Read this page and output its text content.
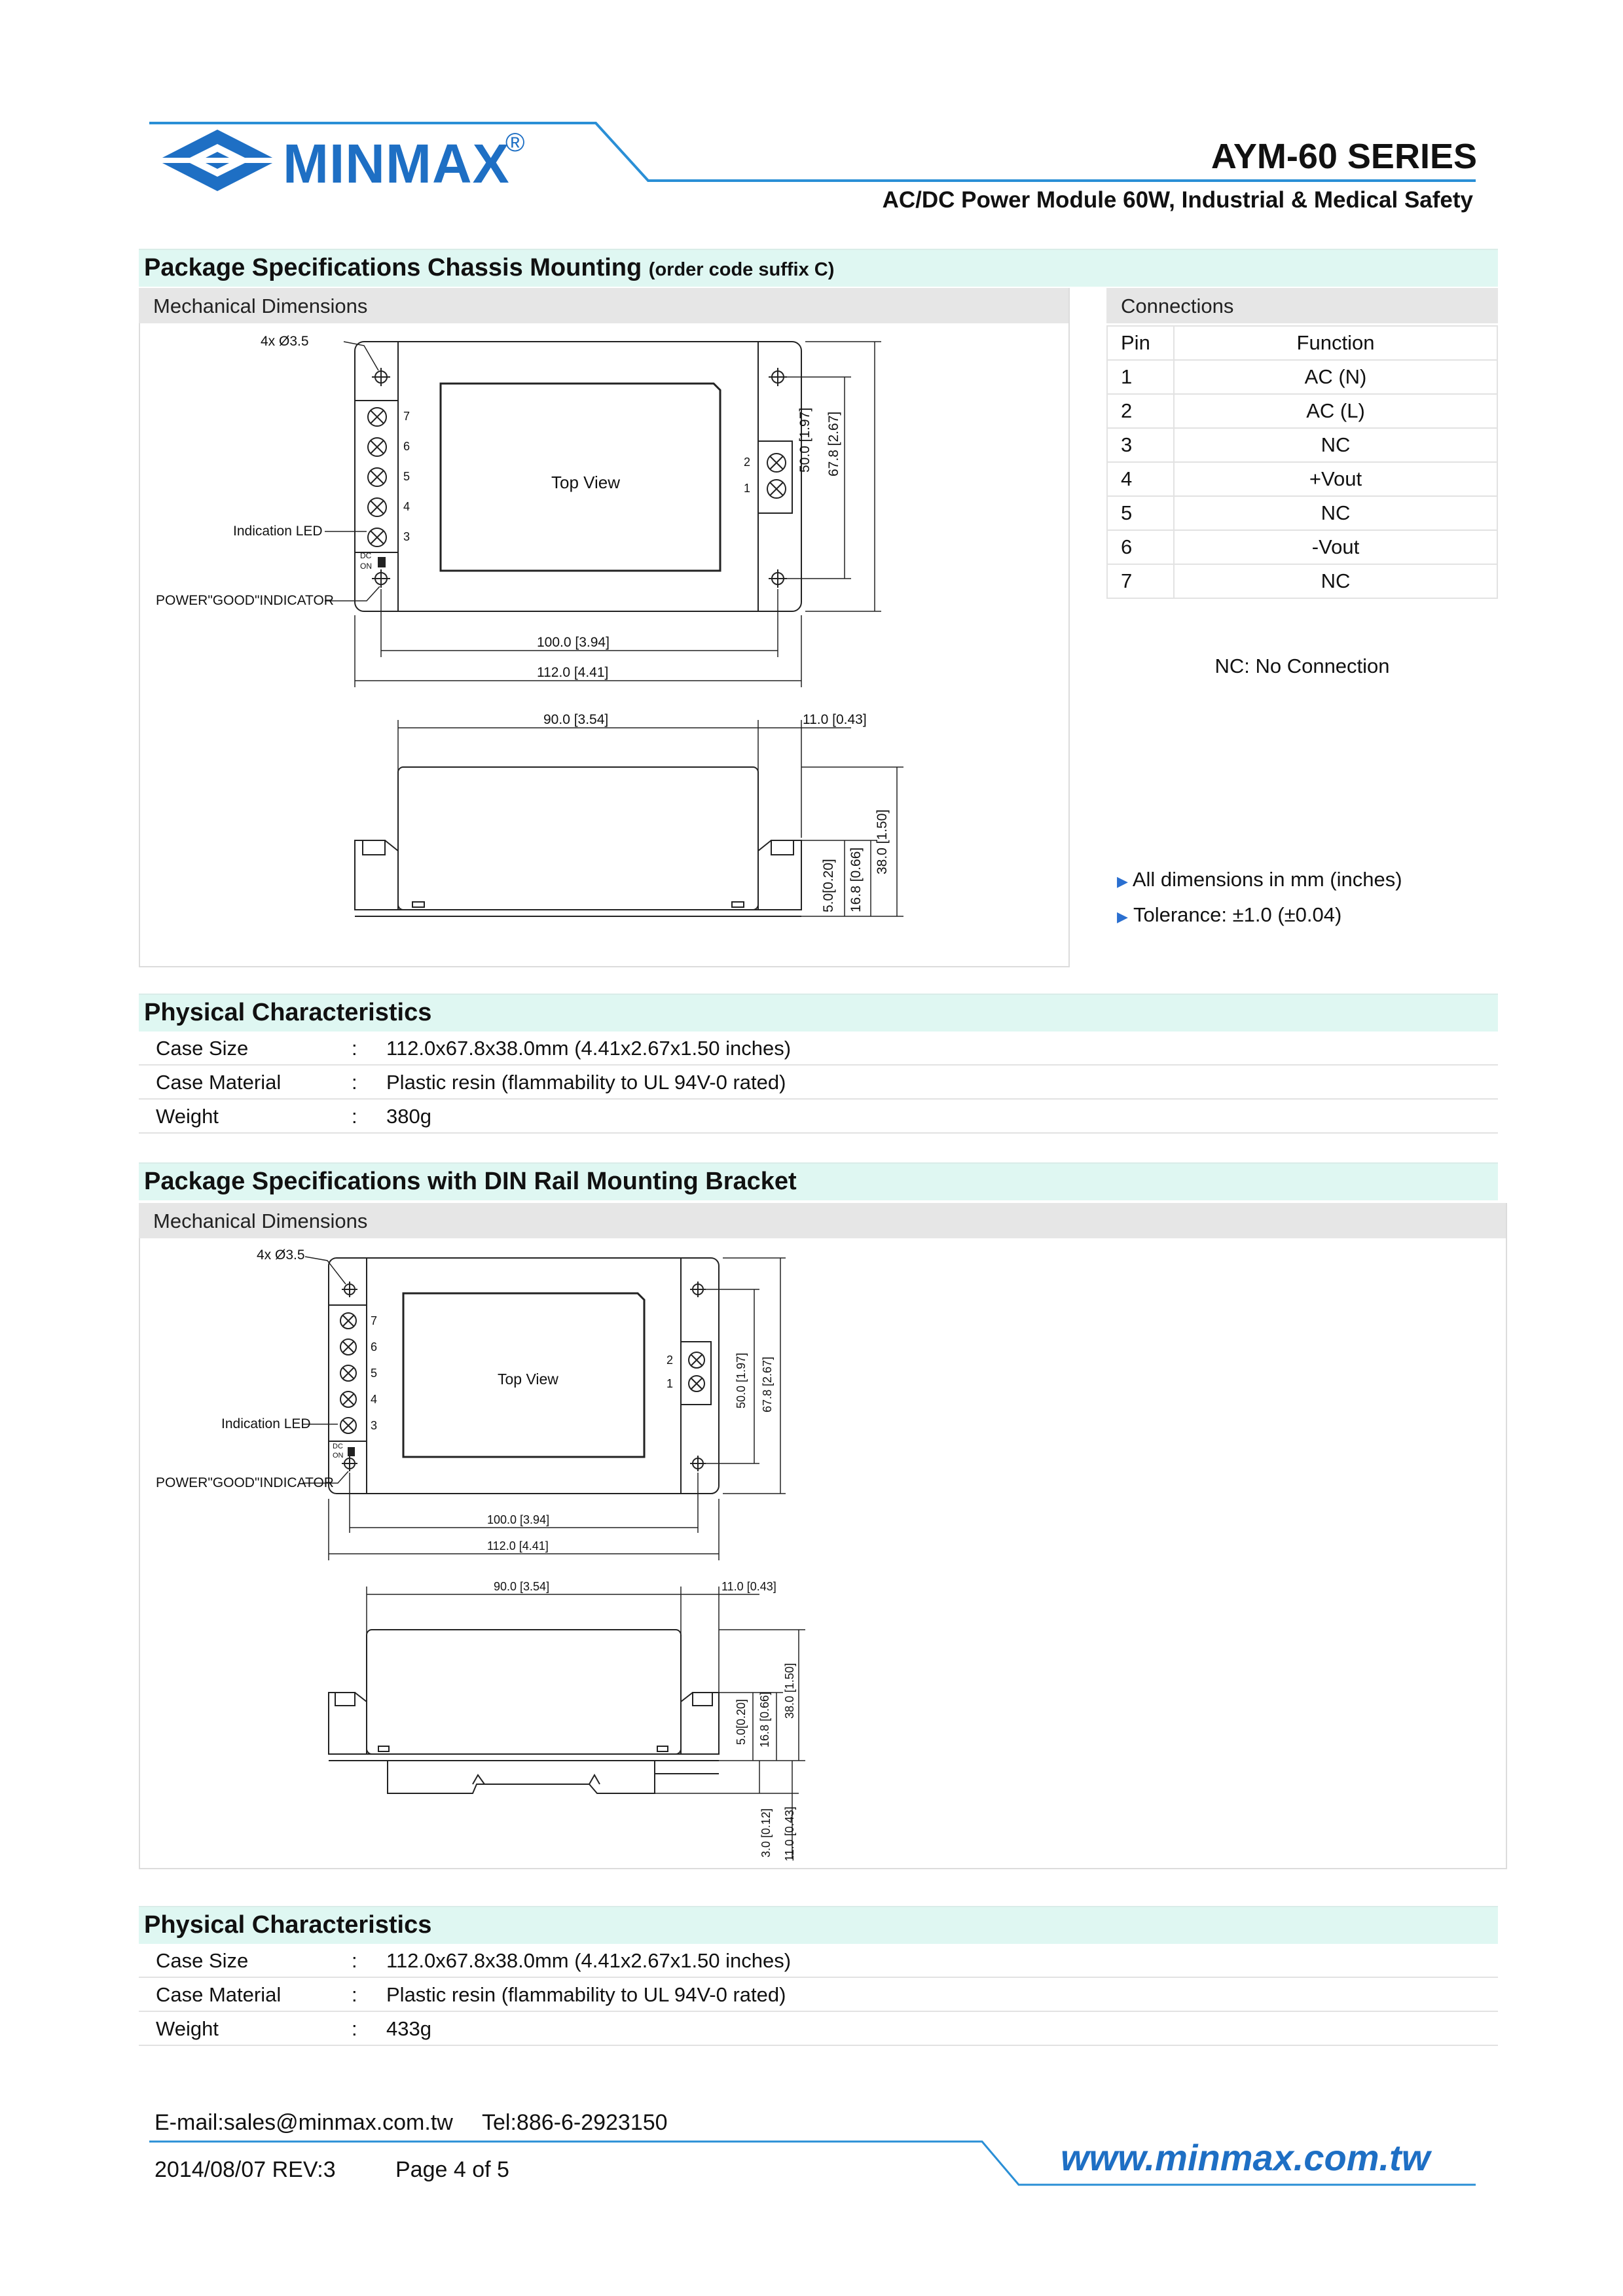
MINMAX
®	AYM-60 SERIES
AC/DC Power Module 60W, Industrial & Medical Safety
Package Specifications Chassis Mounting (order code suffix C)
Mechanical Dimensions	Connections
Pin	Function
1	AC (N)
2	AC (L)
3	NC
4	+Vout
5	NC
6	-Vout
7	NC
NC: No Connection
▶ All dimensions in mm (inches)
▶ Tolerance: ±1.0 (±0.04)
4x Ø3.5
Top View
Indication LED
POWER"GOOD"INDICATOR
7
6
5
4
3
2
1
DC
ON
100.0 [3.94]
112.0 [4.41]
50.0 [1.97] 67.8 [2.67]
90.0 [3.54]	11.0 [0.43]
5.0[0.20] 16.8 [0.66]
38.0 [1.50]
Physical Characteristics
Case Size	: 112.0x67.8x38.0mm (4.41x2.67x1.50 inches)
Case Material	: Plastic resin (flammability to UL 94V-0 rated)
Weight	: 380g
Package Specifications with DIN Rail Mounting Bracket
Mechanical Dimensions
4x Ø3.5
Top View
Indication LED
POWER"GOOD"INDICATOR
7
6
5
4
3
2
1
DC
ON
100.0 [3.94]
112.0 [4.41]
50.0 [1.97] 67.8 [2.67]
90.0 [3.54]	11.0 [0.43]
5.0[0.20] 16.8 [0.66]
38.0 [1.50]
3.0 [0.12] 11.0 [0.43]
Physical Characteristics
Case Size	: 112.0x67.8x38.0mm (4.41x2.67x1.50 inches)
Case Material	: Plastic resin (flammability to UL 94V-0 rated)
Weight	: 433g
E-mail:sales@minmax.com.tw Tel:886-6-2923150
2014/08/07 REV:3	Page 4 of 5	www.minmax.com.tw
